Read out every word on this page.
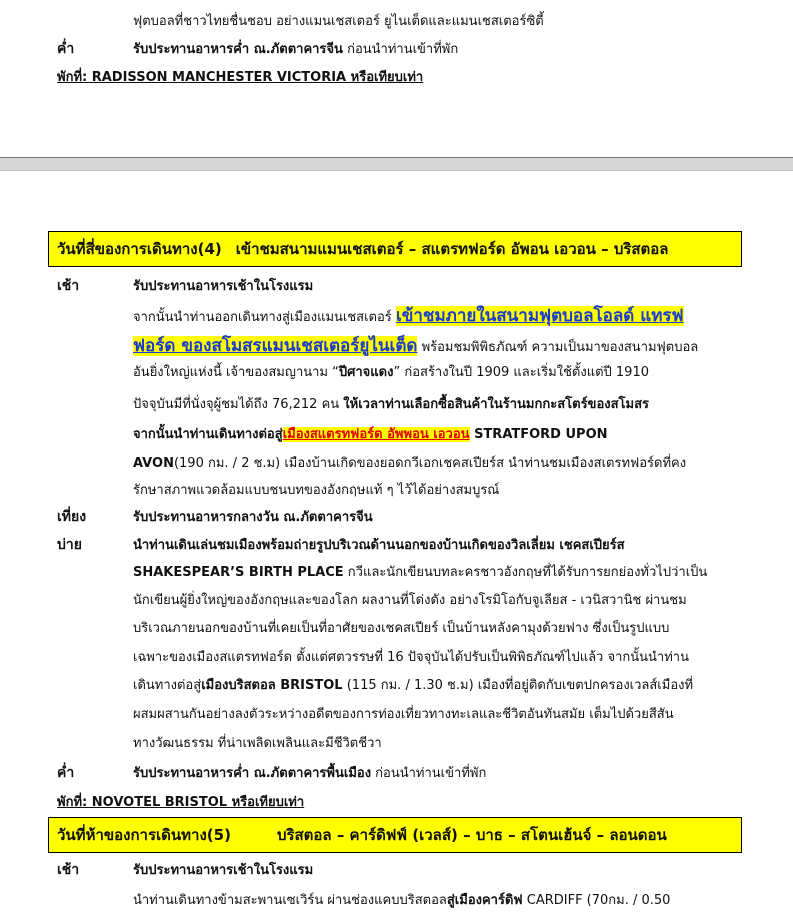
ฟุตบอลที่ชาวไทยชื่นชอบ อย่างแมนเชสเตอร์ ยูไนเต็ดและแมนเชสเตอร์ซิตี้
ค่ำ	รับประทานอาหารค่ำ ณ.ภัตตาคารจีน ก่อนนำท่านเข้าที่พัก
พักที่: RADISSON MANCHESTER VICTORIA หรือเทียบเท่า
วันที่สี่ของการเดินทาง(4) เข้าชมสนามแมนเชสเตอร์ – สแตรทฟอร์ด อัพอน เอวอน – บริสตอล
เช้า	รับประทานอาหารเช้าในโรงแรม
จากนั้นนำท่านออกเดินทางสู่เมืองแมนเชสเตอร์ เข้าชมภายในสนามฟุตบอลโอลด์ แทรฟ
ฟอร์ด ของสโมสรแมนเชสเตอร์ยูไนเต็ด พร้อมชมพิพิธภัณฑ์ ความเป็นมาของสนามฟุตบอล
อันยิ่งใหญ่แห่งนี้ เจ้าของสมญานาม “ปีศาจแดง” ก่อสร้างในปี 1909 และเริ่มใช้ตั้งแต่ปี 1910
ปัจจุบันมีที่นั่งจุผู้ชมได้ถึง 76,212 คน ให้เวลาท่านเลือกซื้อสินค้าในร้านมกกะสโตร์ของสโมสร
จากนั้นนำท่านเดินทางต่อสู่เมืองสแตรทฟอร์ด อัพพอน เอวอน STRATFORD UPON
AVON(190 กม. / 2 ช.ม) เมืองบ้านเกิดของยอดกวีเอกเชคสเปียร์ส นำท่านชมเมืองสเตรทฟอร์ดที่คง
รักษาสภาพแวดล้อมแบบชนบทของอังกฤษแท้ ๆ ไว้ได้อย่างสมบูรณ์
เที่ยง	รับประทานอาหารกลางวัน ณ.ภัตตาคารจีน
บ่าย	นำท่านเดินเล่นชมเมืองพร้อมถ่ายรูปบริเวณด้านนอกของบ้านเกิดของวิลเลี่ยม เชคสเปียร์ส
SHAKESPEAR’S BIRTH PLACE กวีและนักเขียนบทละครชาวอังกฤษที่ได้รับการยกย่องทั่วไปว่าเป็น
นักเขียนผู้ยิ่งใหญ่ของอังกฤษและของโลก ผลงานที่โด่งดัง อย่างโรมิโอกับจูเลียส - เวนิสวานิช ผ่านชม
บริเวณภายนอกของบ้านที่เคยเป็นที่อาศัยของเชคสเปียร์ เป็นบ้านหลังคามุงด้วยฟาง ซึ่งเป็นรูปแบบ
เฉพาะของเมืองสแตรทฟอร์ด ตั้งแต่ศตวรรษที่ 16 ปัจจุบันได้ปรับเป็นพิพิธภัณฑ์ไปแล้ว จากนั้นนำท่าน
เดินทางต่อสู่เมืองบริสตอล BRISTOL (115 กม. / 1.30 ช.ม) เมืองที่อยู่ติดกับเขตปกครองเวลส์เมืองที่
ผสมผสานกันอย่างลงตัวระหว่างอดีตของการท่องเที่ยวทางทะเลและชีวิตอันทันสมัย เต็มไปด้วยสีสัน
ทางวัฒนธรรม ที่น่าเพลิดเพลินและมีชีวิตชีวา
ค่ำ	รับประทานอาหารค่ำ ณ.ภัตตาคารพื้นเมือง ก่อนนำท่านเข้าที่พัก
พักที่: NOVOTEL BRISTOL หรือเทียบเท่า
วันที่ห้าของการเดินทาง(5)	บริสตอล – คาร์ดิฟฟ์ (เวลส์) – บาธ – สโตนเฮ้นจ์ – ลอนดอน
เช้า	รับประทานอาหารเช้าในโรงแรม
นำท่านเดินทางข้ามสะพานเซเวิร์น ผ่านช่องแคบบริสตอลสู่เมืองคาร์ดิฟ CARDIFF (70กม. / 0.50
